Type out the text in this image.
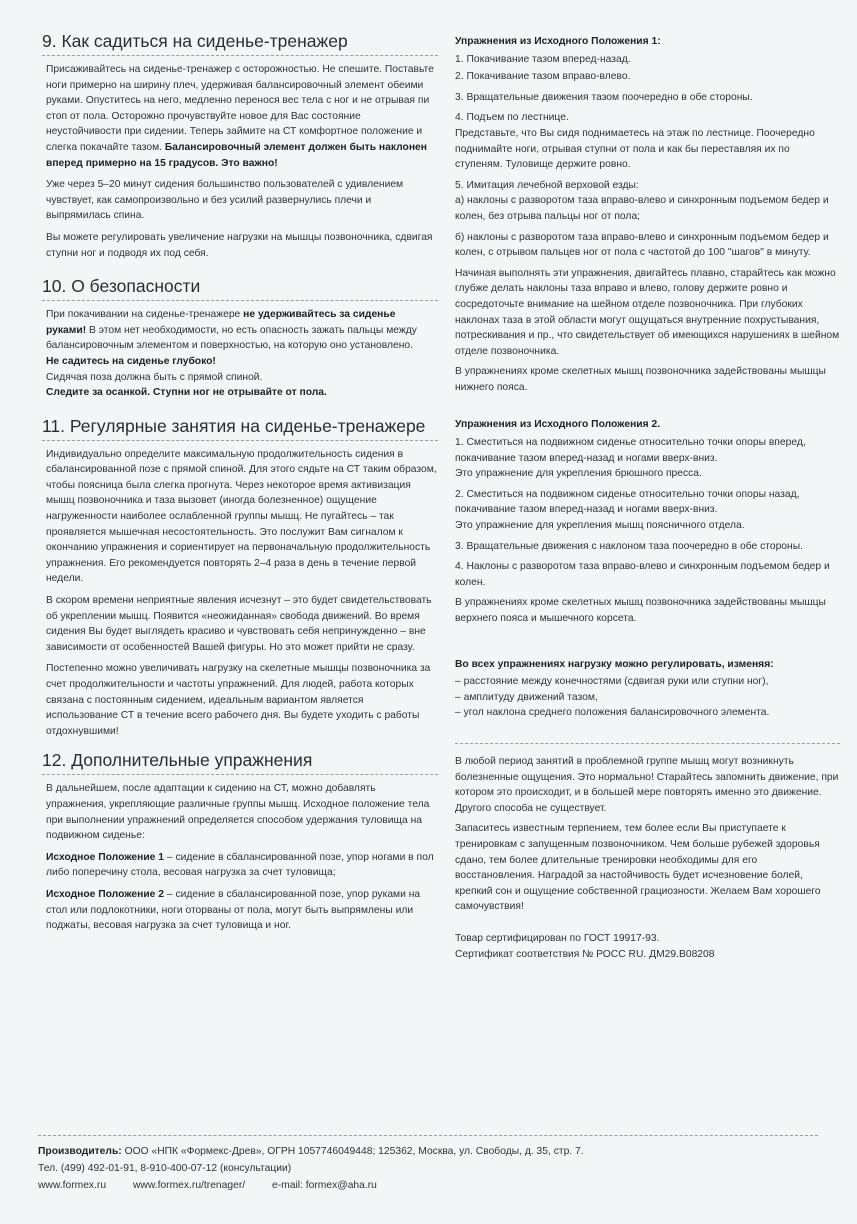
9. Как садиться на сиденье-тренажер

Присаживайтесь на сиденье-тренажер с осторожностью. Не спешите. Поставьте ноги примерно на ширину плеч, удерживая балансировочный элемент обеими руками. Опуститесь на него, медленно перенося вес тела с ног и не отрывая пи стоп от пола. Осторожно прочувствуйте новое для Вас состояние неустойчивости при сидении. Теперь займите на СТ комфортное положение и слегка покачайте тазом. Балансировочный элемент должен быть наклонен вперед примерно на 15 градусов. Это важно!

Уже через 5–20 минут сидения большинство пользователей с удивлением чувствует, как самопроизвольно и без усилий развернулись плечи и выпрямилась спина.

Вы можете регулировать увеличение нагрузки на мышцы позвоночника, сдвигая ступни ног и подводя их под себя.

10. О безопасности

При покачивании на сиденье-тренажере не удерживайтесь за сиденье руками! В этом нет необходимости, но есть опасность зажать пальцы между балансировочным элементом и поверхностью, на которую оно установлено.

Не садитесь на сиденье глубоко!

Сидячая поза должна быть с прямой спиной.

Следите за осанкой. Ступни ног не отрывайте от пола.

11. Регулярные занятия на сиденье-тренажере

Индивидуально определите максимальную продолжительность сидения в сбалансированной позе с прямой спиной. Для этого сядьте на СТ таким образом, чтобы поясница была слегка прогнута. Через некоторое время активизация мышц позвоночника и таза вызовет (иногда болезненное) ощущение нагруженности наиболее ослабленной группы мышц. Не пугайтесь – так проявляется мышечная несостоятельность. Это послужит Вам сигналом к окончанию упражнения и сориентирует на первоначальную продолжительность упражнения. Его рекомендуется повторять 2–4 раза в день в течение первой недели.

В скором времени неприятные явления исчезнут – это будет свидетельствовать об укреплении мышц. Появится «неожиданная» свобода движений. Во время сидения Вы будет выглядеть красиво и чувствовать себя непринужденно – вне зависимости от особенностей Вашей фигуры. Но это может прийти не сразу.

Постепенно можно увеличивать нагрузку на скелетные мышцы позвоночника за счет продолжительности и частоты упражнений. Для людей, работа которых связана с постоянным сидением, идеальным вариантом является использование СТ в течение всего рабочего дня. Вы будете уходить с работы отдохнувшими!

12. Дополнительные упражнения

В дальнейшем, после адаптации к сидению на СТ, можно добавлять упражнения, укрепляющие различные группы мышц. Исходное положение тела при выполнении упражнений определяется способом удержания туловища на подвижном сиденье:

Исходное Положение 1 – сидение в сбалансированной позе, упор ногами в пол либо поперечину стола, весовая нагрузка за счет туловища;

Исходное Положение 2 – сидение в сбалансированной позе, упор руками на стол или подлокотники, ноги оторваны от пола, могут быть выпрямлены или поджаты, весовая нагрузка за счет туловища и ног.

Упражнения из Исходного Положения 1:

1. Покачивание тазом вперед-назад.

2. Покачивание тазом вправо-влево.

3. Вращательные движения тазом поочередно в обе стороны.

4. Подъем по лестнице.
Представьте, что Вы сидя поднимаетесь на этаж по лестнице. Поочередно поднимайте ноги, отрывая ступни от пола и как бы переставляя их по ступеням. Туловище держите ровно.

5. Имитация лечебной верховой езды:
а) наклоны с разворотом таза вправо-влево и синхронным подъемом бедер и колен, без отрыва пальцы ног от пола;

б) наклоны с разворотом таза вправо-влево и синхронным подъемом бедер и колен, с отрывом пальцев ног от пола с частотой до 100 "шагов" в минуту.

Начиная выполнять эти упражнения, двигайтесь плавно, старайтесь как можно глубже делать наклоны таза вправо и влево, голову держите ровно и сосредоточьте внимание на шейном отделе позвоночника. При глубоких наклонах таза в этой области могут ощущаться внутренние похрустывания, потрескивания и пр., что свидетельствует об имеющихся нарушениях в шейном отделе позвоночника.

В упражнениях кроме скелетных мышц позвоночника задействованы мышцы нижнего пояса.

Упражнения из Исходного Положения 2.

1. Сместиться на подвижном сиденье относительно точки опоры вперед, покачивание тазом вперед-назад и ногами вверх-вниз.
Это упражнение для укрепления брюшного пресса.

2. Сместиться на подвижном сиденье относительно точки опоры назад, покачивание тазом вперед-назад и ногами вверх-вниз.
Это упражнение для укрепления мышц поясничного отдела.

3. Вращательные движения с наклоном таза поочередно в обе стороны.

4. Наклоны с разворотом таза вправо-влево и синхронным подъемом бедер и колен.

В упражнениях кроме скелетных мышц позвоночника задействованы мышцы верхнего пояса и мышечного корсета.

Во всех упражнениях нагрузку можно регулировать, изменяя:

– расстояние между конечностями (сдвигая руки или ступни ног),

– амплитуду движений тазом,

– угол наклона среднего положения балансировочного элемента.

В любой период занятий в проблемной группе мышц могут возникнуть болезненные ощущения. Это нормально! Старайтесь запомнить движение, при котором это происходит, и в большей мере повторять именно это движение. Другого способа не существует.

Запаситесь известным терпением, тем более если Вы приступаете к тренировкам с запущенным позвоночником. Чем больше рубежей здоровья сдано, тем более длительные тренировки необходимы для его восстановления. Наградой за настойчивость будет исчезновение болей, крепкий сон и ощущение собственной грациозности. Желаем Вам хорошего самочувствия!

Товар сертифицирован по ГОСТ 19917-93.

Сертификат соответствия № РОСС RU. ДМ29.В08208

Производитель: ООО «НПК «Формекс-Древ», ОГРН 1057746049448; 125362, Москва, ул. Свободы, д. 35, стр. 7.
Тел. (499) 492-01-91, 8-910-400-07-12 (консультации)
www.formex.ru	www.formex.ru/trenager/	e-mail: formex@aha.ru
